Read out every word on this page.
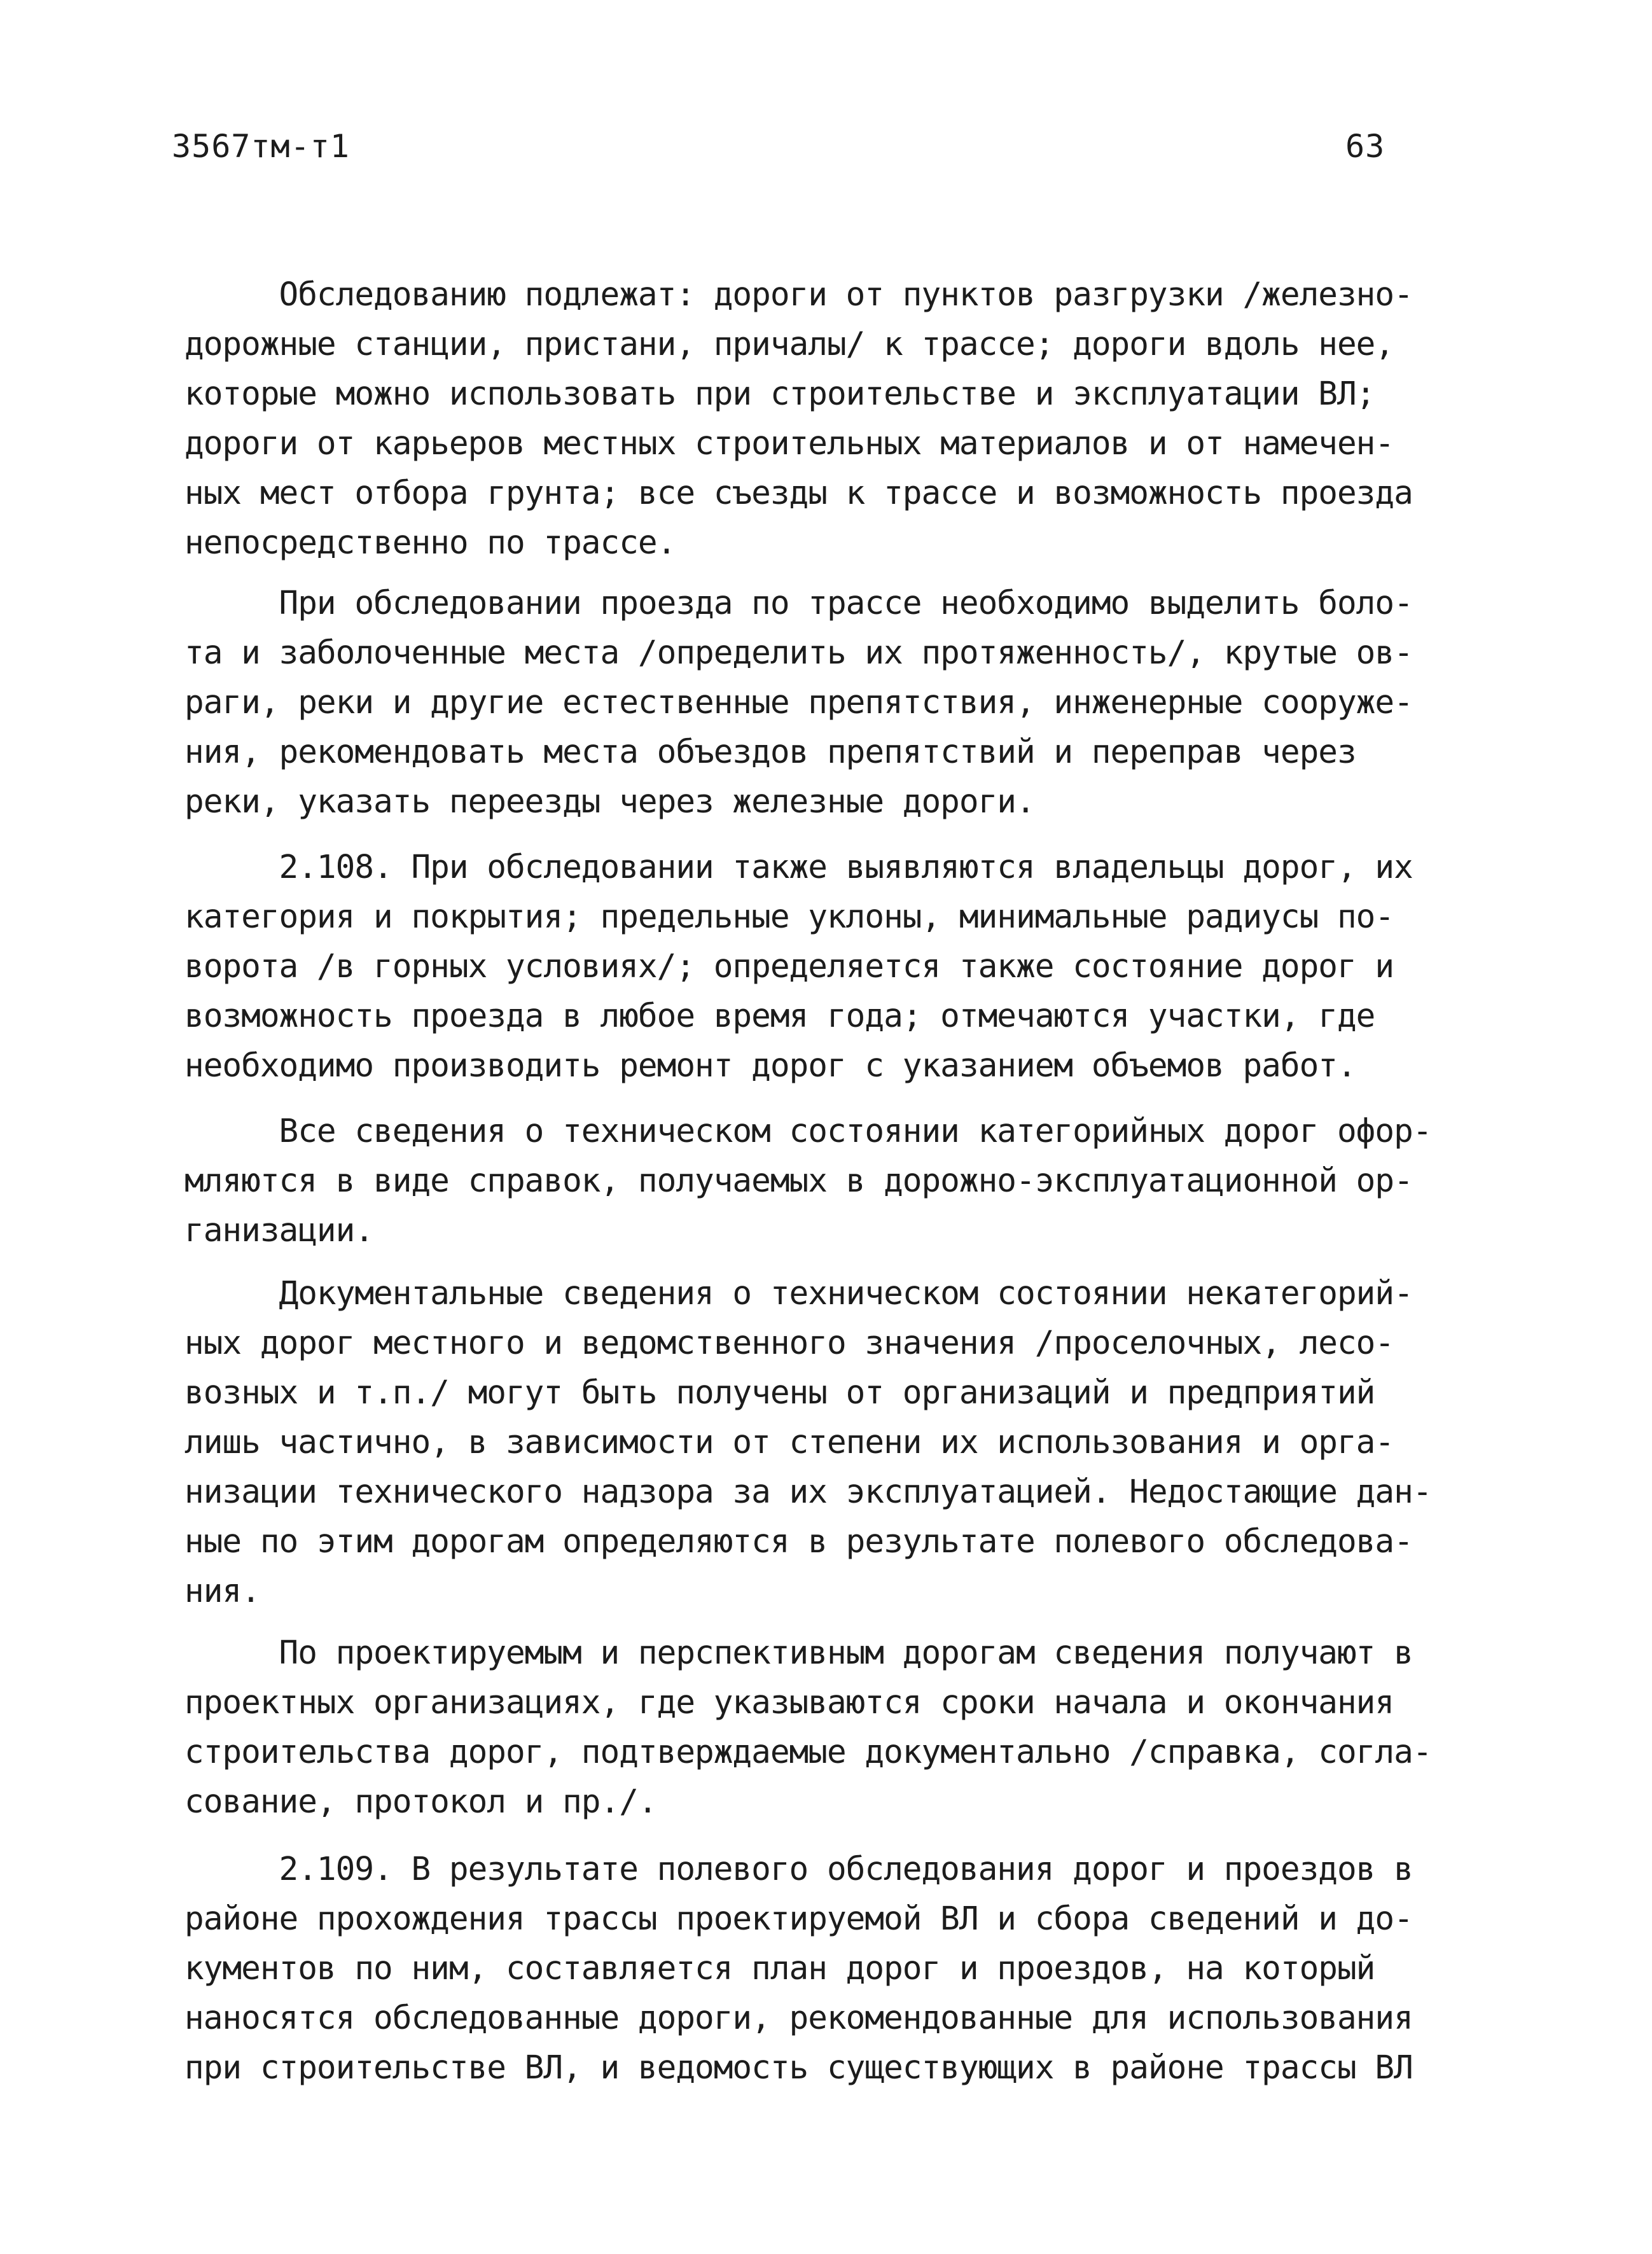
3567тм-т1	63
Обследованию подлежат: дороги от пунктов разгрузки /железно-
дорожные станции, пристани, причалы/ к трассе; дороги вдоль нее,
которые можно использовать при строительстве и эксплуатации ВЛ;
дороги от карьеров местных строительных материалов и от намечен-
ных мест отбора грунта; все съезды к трассе и возможность проезда
непосредственно по трассе.
При обследовании проезда по трассе необходимо выделить боло-
та и заболоченные места /определить их протяженность/, крутые ов-
раги, реки и другие естественные препятствия, инженерные сооруже-
ния, рекомендовать места объездов препятствий и переправ через
реки, указать переезды через железные дороги.
2.108. При обследовании также выявляются владельцы дорог, их
категория и покрытия; предельные уклоны, минимальные радиусы по-
ворота /в горных условиях/; определяется также состояние дорог и
возможность проезда в любое время года; отмечаются участки, где
необходимо производить ремонт дорог с указанием объемов работ.
Все сведения о техническом состоянии категорийных дорог офор-
мляются в виде справок, получаемых в дорожно-эксплуатационной ор-
ганизации.
Документальные сведения о техническом состоянии некатегорий-
ных дорог местного и ведомственного значения /проселочных, лесо-
возных и т.п./ могут быть получены от организаций и предприятий
лишь частично, в зависимости от степени их использования и орга-
низации технического надзора за их эксплуатацией. Недостающие дан-
ные по этим дорогам определяются в результате полевого обследова-
ния.
По проектируемым и перспективным дорогам сведения получают в
проектных организациях, где указываются сроки начала и окончания
строительства дорог, подтверждаемые документально /справка, согла-
сование, протокол и пр./.
2.109. В результате полевого обследования дорог и проездов в
районе прохождения трассы проектируемой ВЛ и сбора сведений и до-
кументов по ним, составляется план дорог и проездов, на который
наносятся обследованные дороги, рекомендованные для использования
при строительстве ВЛ, и ведомость существующих в районе трассы ВЛ
